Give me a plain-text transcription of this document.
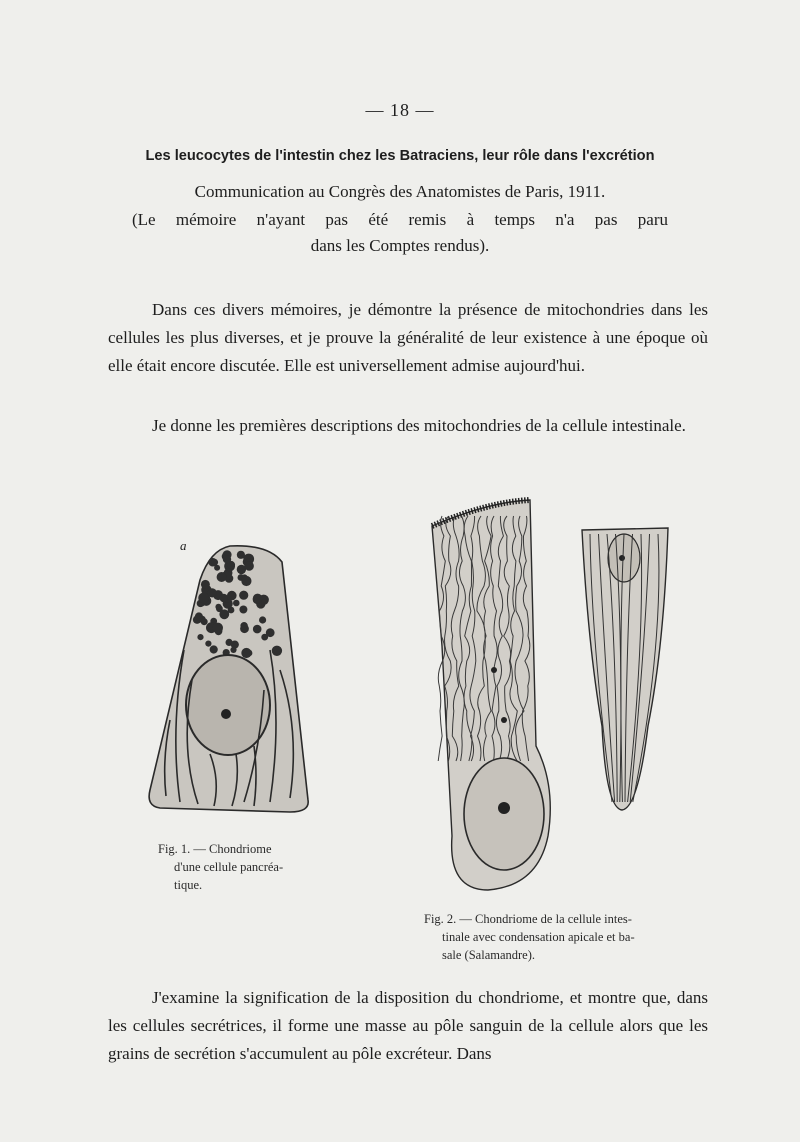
— 18 —
Les leucocytes de l'intestin chez les Batraciens, leur rôle dans l'excrétion
Communication au Congrès des Anatomistes de Paris, 1911.
(Le mémoire n'ayant pas été remis à temps n'a pas paru
dans les Comptes rendus).

Dans ces divers mémoires, je démontre la présence de mitochondries dans les cellules les plus diverses, et je prouve la généralité de leur existence à une époque où elle était encore discutée. Elle est universellement admise aujourd'hui.

Je donne les premières descriptions des mitochondries de la cellule intestinale.

a
Fig. 1. — Chondriome
d'une cellule pancréa-
tique.
Fig. 2. — Chondriome de la cellule intes-
tinale avec condensation apicale et ba-
sale (Salamandre).

J'examine la signification de la disposition du chondriome, et montre que, dans les cellules secrétrices, il forme une masse au pôle sanguin de la cellule alors que les grains de secrétion s'accumulent au pôle excréteur. Dans
